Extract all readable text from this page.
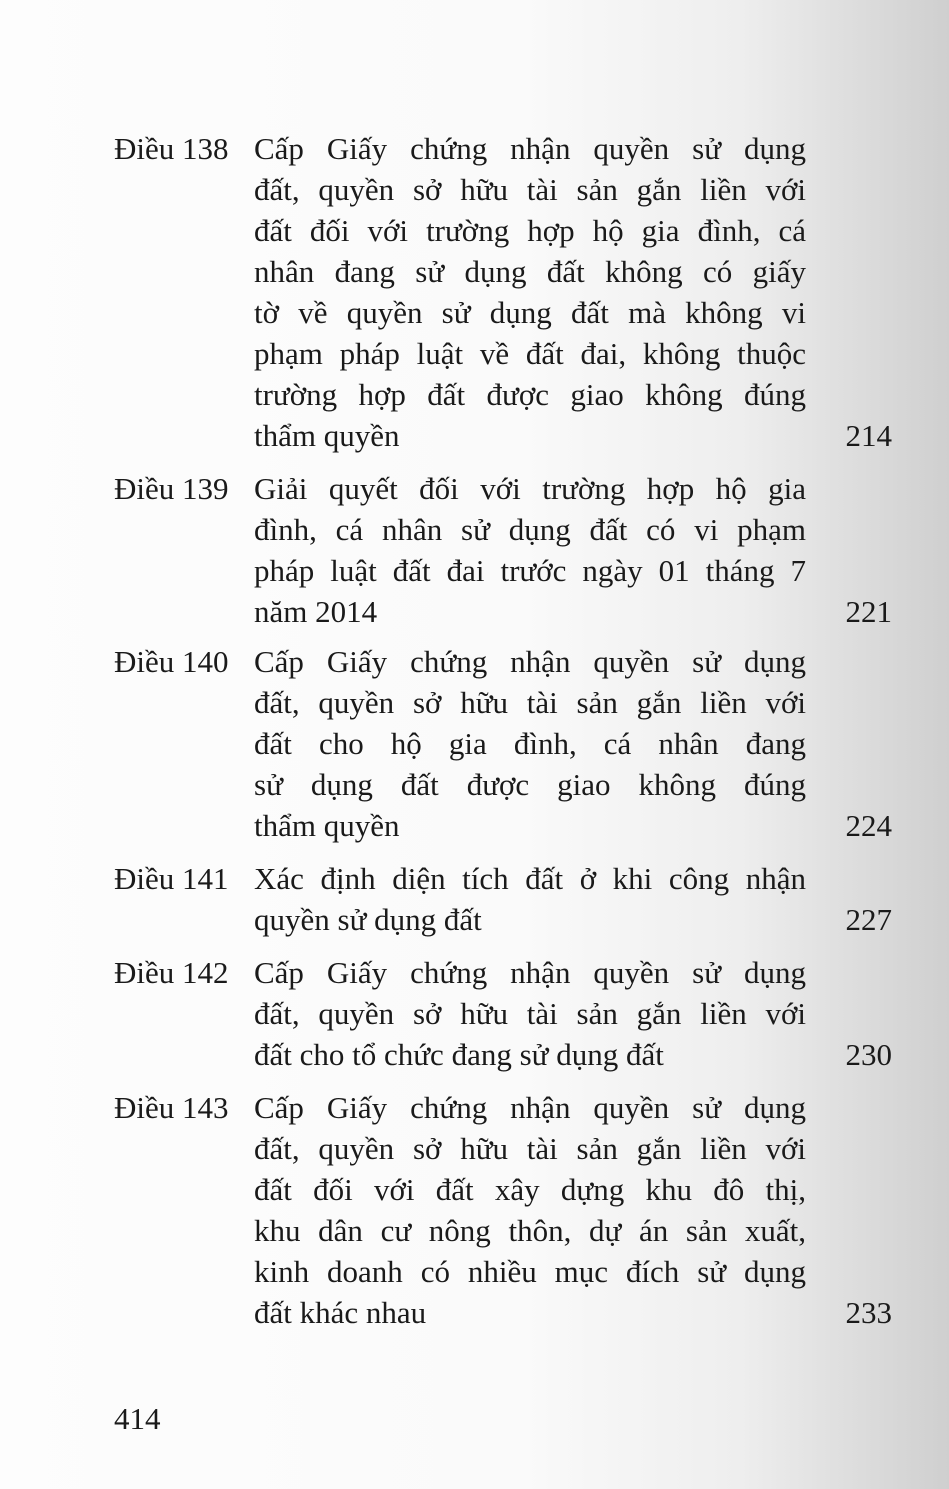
Điều 138 Cấp Giấy chứng nhận quyền sử dụng
đất, quyền sở hữu tài sản gắn liền với
đất đối với trường hợp hộ gia đình, cá
nhân đang sử dụng đất không có giấy
tờ về quyền sử dụng đất mà không vi
phạm pháp luật về đất đai, không thuộc
trường hợp đất được giao không đúng
thẩm quyền	214
Điều 139 Giải quyết đối với trường hợp hộ gia
đình, cá nhân sử dụng đất có vi phạm
pháp luật đất đai trước ngày 01 tháng 7
năm 2014	221
Điều 140 Cấp Giấy chứng nhận quyền sử dụng
đất, quyền sở hữu tài sản gắn liền với
đất cho hộ gia đình, cá nhân đang
sử dụng đất được giao không đúng
thẩm quyền	224
Điều 141 Xác định diện tích đất ở khi công nhận
quyền sử dụng đất	227
Điều 142 Cấp Giấy chứng nhận quyền sử dụng
đất, quyền sở hữu tài sản gắn liền với
đất cho tổ chức đang sử dụng đất	230
Điều 143 Cấp Giấy chứng nhận quyền sử dụng
đất, quyền sở hữu tài sản gắn liền với
đất đối với đất xây dựng khu đô thị,
khu dân cư nông thôn, dự án sản xuất,
kinh doanh có nhiều mục đích sử dụng
đất khác nhau	233
414
